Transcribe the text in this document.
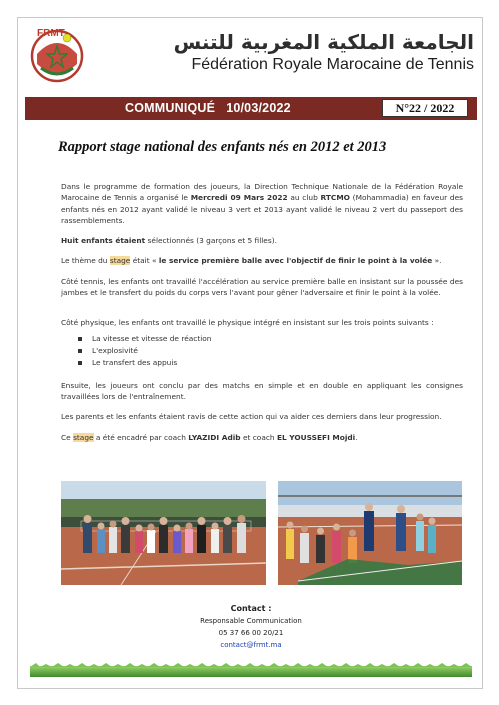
FRMT	الجامعة الملكية المغربية للتنس
Fédération Royale Marocaine de Tennis
COMMUNIQUÉ   10/03/2022	N°22 / 2022
Rapport stage national des enfants nés en 2012 et 2013

Dans le programme de formation des joueurs, la Direction Technique Nationale de la Fédération Royale Marocaine de Tennis a organisé le Mercredi 09 Mars 2022 au club RTCMO (Mohammadia) en faveur des enfants nés en 2012 ayant validé le niveau 3 vert et 2013 ayant validé le niveau 2 vert du passeport des rassemblements.

Huit enfants étaient sélectionnés (3 garçons et 5 filles).

Le thème du stage était « le service première balle avec l'objectif de finir le point à la volée ».

Côté tennis, les enfants ont travaillé l'accélération au service première balle en insistant sur la poussée des jambes et le transfert du poids du corps vers l'avant pour gêner l'adversaire et finir le point à la volée.

Côté physique, les enfants ont travaillé le physique intégré en insistant sur les trois points suivants :

La vitesse et vitesse de réaction
L'explosivité
Le transfert des appuis

Ensuite, les joueurs ont conclu par des matchs en simple et en double en appliquant les consignes travaillées lors de l'entraînement.

Les parents et les enfants étaient ravis de cette action qui va aider ces derniers dans leur progression.

Ce stage a été encadré par coach LYAZIDI Adib et coach EL YOUSSEFI Mojdi.

Contact :
Responsable Communication
05 37 66 00 20/21
contact@frmt.ma
